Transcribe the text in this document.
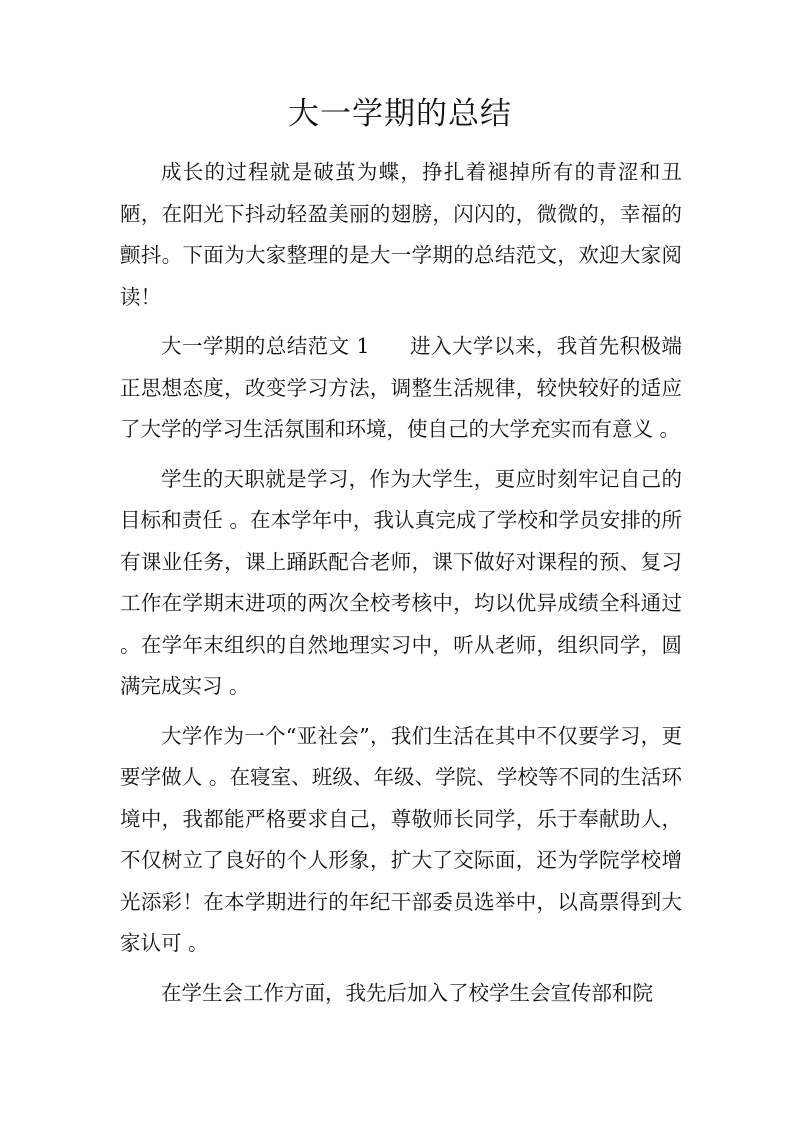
大一学期的总结

成长的过程就是破茧为蝶，挣扎着褪掉所有的青涩和丑陋，在阳光下抖动轻盈美丽的翅膀，闪闪的，微微的，幸福的颤抖。下面为大家整理的是大一学期的总结范文，欢迎大家阅读！

大一学期的总结范文 1 进入大学以来，我首先积极端正思想态度，改变学习方法，调整生活规律，较快较好的适应了大学的学习生活氛围和环境，使自己的大学充实而有意义 。

学生的天职就是学习，作为大学生，更应时刻牢记自己的目标和责任 。在本学年中，我认真完成了学校和学员安排的所有课业任务，课上踊跃配合老师，课下做好对课程的预、复习工作在学期末进项的两次全校考核中，均以优异成绩全科通过 。在学年末组织的自然地理实习中，听从老师，组织同学，圆满完成实习 。

大学作为一个“亚社会”，我们生活在其中不仅要学习，更要学做人 。在寝室、班级、年级、学院、学校等不同的生活环境中，我都能严格要求自己，尊敬师长同学，乐于奉献助人，不仅树立了良好的个人形象，扩大了交际面，还为学院学校增光添彩！在本学期进行的年纪干部委员选举中，以高票得到大家认可 。

在学生会工作方面，我先后加入了校学生会宣传部和院
